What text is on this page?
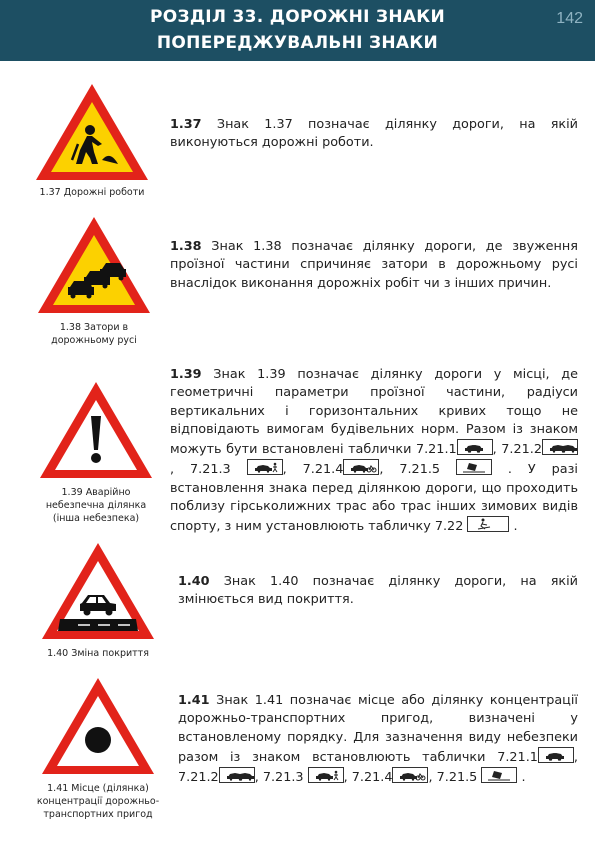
РОЗДІЛ 33. ДОРОЖНІ ЗНАКИ
ПОПЕРЕДЖУВАЛЬНІ ЗНАКИ
142
1.37 Дорожні роботи
1.37 Знак 1.37 позначає ділянку дороги, на якій виконуються дорожні роботи.
1.38 Затори в
дорожньому русі
1.38 Знак 1.38 позначає ділянку дороги, де звуження проїзної частини спричиняє затори в дорожньому русі внаслідок виконання дорожніх робіт чи з інших причин.
1.39 Аварійно
небезпечна ділянка
(інша небезпека)
1.39 Знак 1.39 позначає ділянку дороги у місці, де геометричні параметри проїзної частини, радіуси вертикальних і горизонтальних кривих тощо не відповідають вимогам будівельних норм. Разом із знаком можуть бути встановлені таблички 7.21.1	, 7.21.2
, 7.21.3	, 7.21.4	, 7.21.5	. У разі встановлення знака перед ділянкою дороги, що проходить поблизу гірськолижних трас або трас інших зимових видів спорту, з ним установлюють табличку 7.22	.
1.40 Зміна покриття
1.40 Знак 1.40 позначає ділянку дороги, на якій змінюється вид покриття.
1.41 Місце (ділянка)
концентрації дорожньо-
транспортних пригод
1.41 Знак 1.41 позначає місце або ділянку концентрації дорожньо-транспортних пригод, визначені у встановленому порядку. Для зазначення виду небезпеки разом із знаком встановлюють таблички 7.21.1	, 7.21.2	, 7.21.3	, 7.21.4	, 7.21.5	.
